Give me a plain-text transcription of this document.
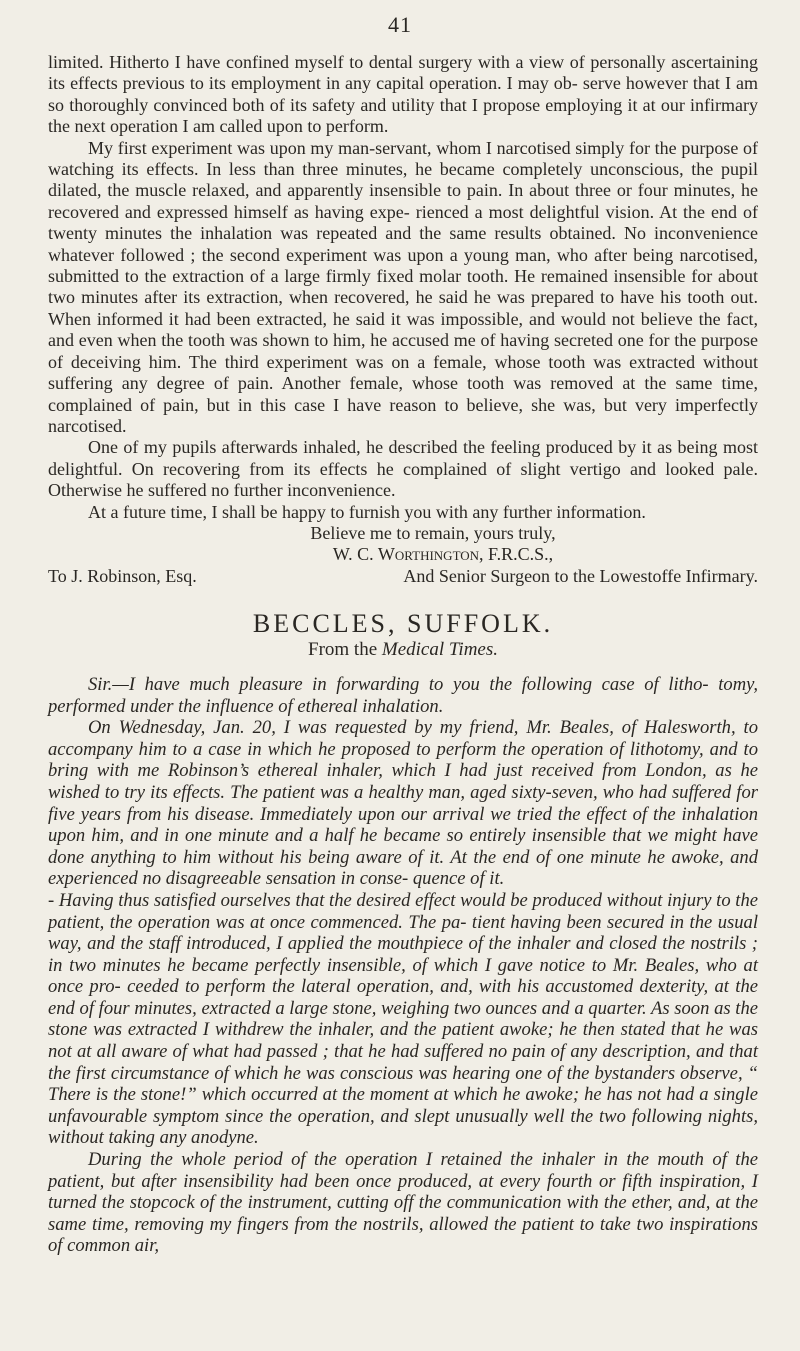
41

limited. Hitherto I have confined myself to dental surgery with a view of personally ascertaining its effects previous to its employment in any capital operation. I may ob- serve however that I am so thoroughly convinced both of its safety and utility that I propose employing it at our infirmary the next operation I am called upon to perform.

My first experiment was upon my man-servant, whom I narcotised simply for the purpose of watching its effects. In less than three minutes, he became completely unconscious, the pupil dilated, the muscle relaxed, and apparently insensible to pain. In about three or four minutes, he recovered and expressed himself as having expe- rienced a most delightful vision. At the end of twenty minutes the inhalation was repeated and the same results obtained. No inconvenience whatever followed ; the second experiment was upon a young man, who after being narcotised, submitted to the extraction of a large firmly fixed molar tooth. He remained insensible for about two minutes after its extraction, when recovered, he said he was prepared to have his tooth out. When informed it had been extracted, he said it was impossible, and would not believe the fact, and even when the tooth was shown to him, he accused me of having secreted one for the purpose of deceiving him. The third experiment was on a female, whose tooth was extracted without suffering any degree of pain. Another female, whose tooth was removed at the same time, complained of pain, but in this case I have reason to believe, she was, but very imperfectly narcotised.

One of my pupils afterwards inhaled, he described the feeling produced by it as being most delightful. On recovering from its effects he complained of slight vertigo and looked pale. Otherwise he suffered no further inconvenience.

At a future time, I shall be happy to furnish you with any further information.

Believe me to remain, yours truly,

W. C. Worthington, F.R.C.S.,

To J. Robinson, Esq.	And Senior Surgeon to the Lowestoffe Infirmary.
BECCLES, SUFFOLK.
From the Medical Times.

Sir.—I have much pleasure in forwarding to you the following case of litho- tomy, performed under the influence of ethereal inhalation.

On Wednesday, Jan. 20, I was requested by my friend, Mr. Beales, of Halesworth, to accompany him to a case in which he proposed to perform the operation of lithotomy, and to bring with me Robinson’s ethereal inhaler, which I had just received from London, as he wished to try its effects. The patient was a healthy man, aged sixty-seven, who had suffered for five years from his disease. Immediately upon our arrival we tried the effect of the inhalation upon him, and in one minute and a half he became so entirely insensible that we might have done anything to him without his being aware of it. At the end of one minute he awoke, and experienced no disagreeable sensation in conse- quence of it.

- Having thus satisfied ourselves that the desired effect would be produced without injury to the patient, the operation was at once commenced. The pa- tient having been secured in the usual way, and the staff introduced, I applied the mouthpiece of the inhaler and closed the nostrils ; in two minutes he became perfectly insensible, of which I gave notice to Mr. Beales, who at once pro- ceeded to perform the lateral operation, and, with his accustomed dexterity, at the end of four minutes, extracted a large stone, weighing two ounces and a quarter. As soon as the stone was extracted I withdrew the inhaler, and the patient awoke; he then stated that he was not at all aware of what had passed ; that he had suffered no pain of any description, and that the first circumstance of which he was conscious was hearing one of the bystanders observe, “ There is the stone!” which occurred at the moment at which he awoke; he has not had a single unfavourable symptom since the operation, and slept unusually well the two following nights, without taking any anodyne.

During the whole period of the operation I retained the inhaler in the mouth of the patient, but after insensibility had been once produced, at every fourth or fifth inspiration, I turned the stopcock of the instrument, cutting off the communication with the ether, and, at the same time, removing my fingers from the nostrils, allowed the patient to take two inspirations of common air,
